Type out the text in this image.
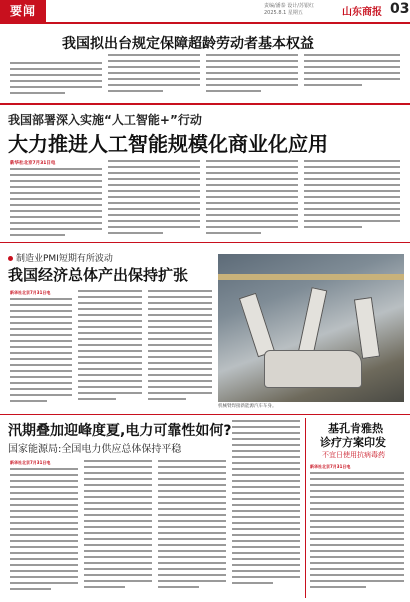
要闻	责编/潘泰 设计/苏银红
2025.8.1 星期五	山东商报 03
我国拟出台规定保障超龄劳动者基本权益

我国部署深入实施“人工智能+”行动
大力推进人工智能规模化商业化应用
新华社北京7月31日电
制造业PMI短期有所波动
我国经济总体产出保持扩张
新华社北京7月31日电
机械臂焊接新能源汽车车身。
汛期叠加迎峰度夏,电力可靠性如何?
国家能源局:全国电力供应总体保持平稳
新华社北京7月31日电
基孔肯雅热
诊疗方案印发
不宜日使用抗病毒药
新华社北京7月31日电
